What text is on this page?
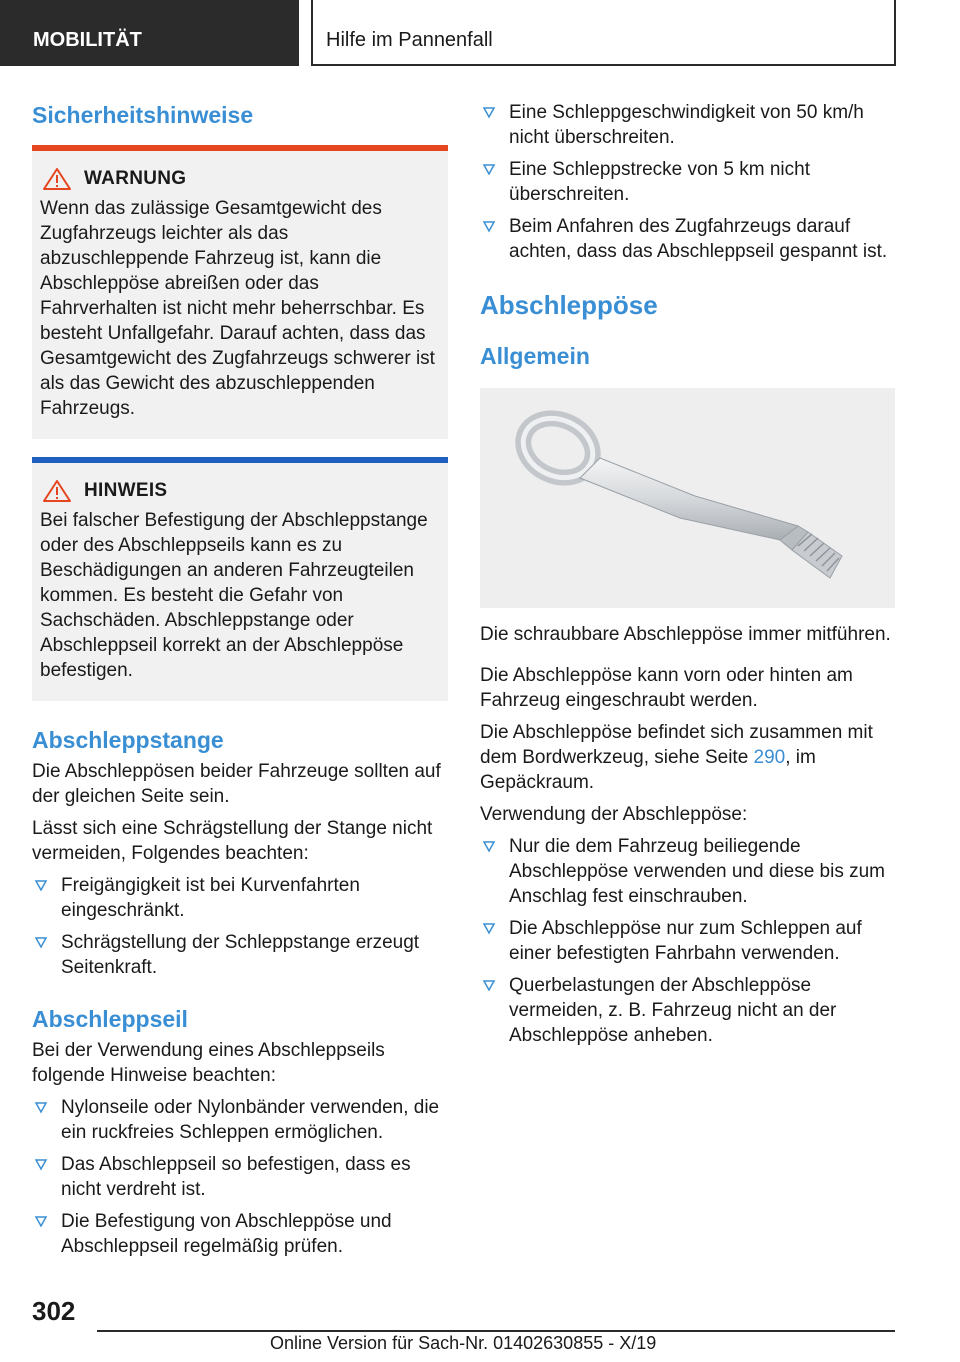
MOBILITÄT	Hilfe im Pannenfall
Sicherheitshinweise
WARNUNG

Wenn das zulässige Gesamtgewicht des Zugfahrzeugs leichter als das abzuschleppende Fahrzeug ist, kann die Abschleppöse abreißen oder das Fahrverhalten ist nicht mehr beherrschbar. Es besteht Unfallgefahr. Darauf achten, dass das Gesamtgewicht des Zugfahrzeugs schwerer ist als das Gewicht des abzuschleppenden Fahrzeugs.

HINWEIS

Bei falscher Befestigung der Abschleppstange oder des Abschleppseils kann es zu Beschädigungen an anderen Fahrzeugteilen kommen. Es besteht die Gefahr von Sachschäden. Abschleppstange oder Abschleppseil korrekt an der Abschleppöse befestigen.

Abschleppstange

Die Abschleppösen beider Fahrzeuge sollten auf der gleichen Seite sein.

Lässt sich eine Schrägstellung der Stange nicht vermeiden, Folgendes beachten:

Freigängigkeit ist bei Kurvenfahrten eingeschränkt.
Schrägstellung der Schleppstange erzeugt Seitenkraft.
Abschleppseil

Bei der Verwendung eines Abschleppseils folgende Hinweise beachten:

Nylonseile oder Nylonbänder verwenden, die ein ruckfreies Schleppen ermöglichen.
Das Abschleppseil so befestigen, dass es nicht verdreht ist.
Die Befestigung von Abschleppöse und Abschleppseil regelmäßig prüfen.
Eine Schleppgeschwindigkeit von 50 km/h nicht überschreiten.
Eine Schleppstrecke von 5 km nicht überschreiten.
Beim Anfahren des Zugfahrzeugs darauf achten, dass das Abschleppseil gespannt ist.
Abschleppöse
Allgemein

Die schraubbare Abschleppöse immer mitführen.

Die Abschleppöse kann vorn oder hinten am Fahrzeug eingeschraubt werden.

Die Abschleppöse befindet sich zusammen mit dem Bordwerkzeug, siehe Seite 290, im Gepäckraum.

Verwendung der Abschleppöse:

Nur die dem Fahrzeug beiliegende Abschleppöse verwenden und diese bis zum Anschlag fest einschrauben.
Die Abschleppöse nur zum Schleppen auf einer befestigten Fahrbahn verwenden.
Querbelastungen der Abschleppöse vermeiden, z. B. Fahrzeug nicht an der Abschleppöse anheben.
302
Online Version für Sach-Nr. 01402630855 - X/19
